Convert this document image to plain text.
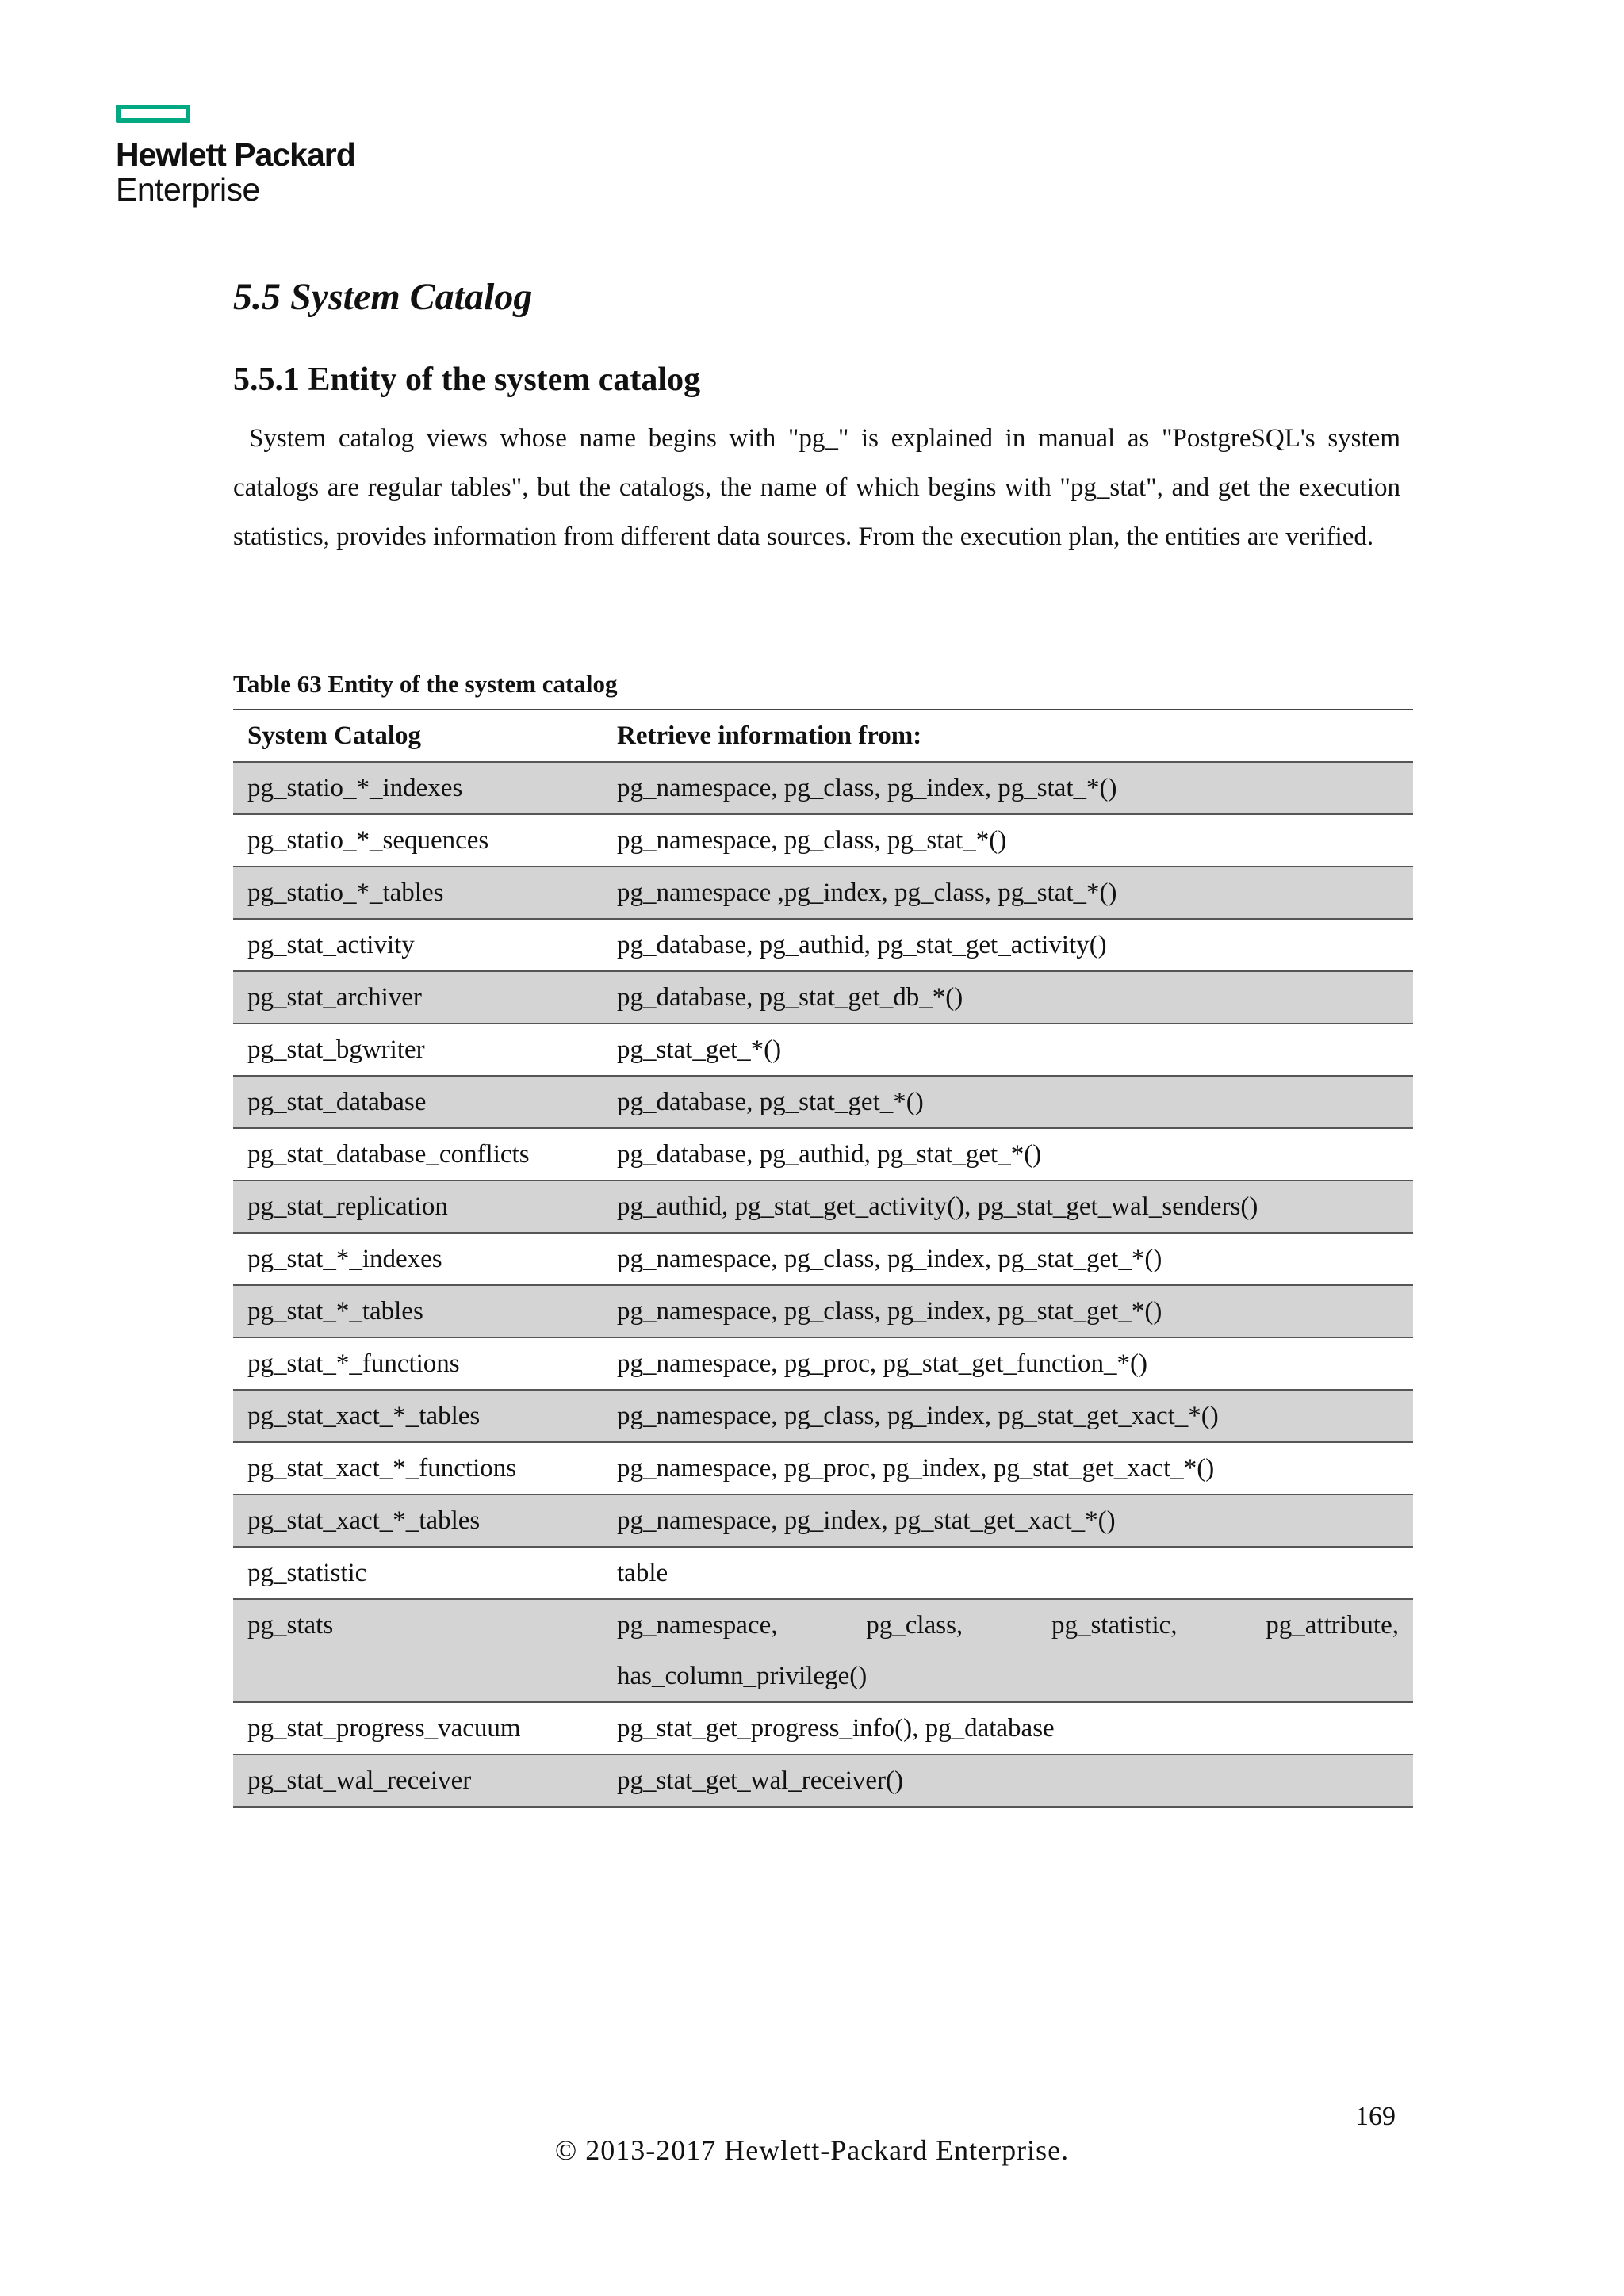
Hewlett Packard
Enterprise
5.5 System Catalog
5.5.1 Entity of the system catalog

System catalog views whose name begins with "pg_" is explained in manual as "PostgreSQL's system catalogs are regular tables", but the catalogs, the name of which begins with "pg_stat", and get the execution statistics, provides information from different data sources. From the execution plan, the entities are verified.

Table 63 Entity of the system catalog

System Catalog	Retrieve information from:
pg_statio_*_indexes	pg_namespace, pg_class, pg_index, pg_stat_*()
pg_statio_*_sequences	pg_namespace, pg_class, pg_stat_*()
pg_statio_*_tables	pg_namespace ,pg_index, pg_class, pg_stat_*()
pg_stat_activity	pg_database, pg_authid, pg_stat_get_activity()
pg_stat_archiver	pg_database, pg_stat_get_db_*()
pg_stat_bgwriter	pg_stat_get_*()
pg_stat_database	pg_database, pg_stat_get_*()
pg_stat_database_conflicts	pg_database, pg_authid, pg_stat_get_*()
pg_stat_replication	pg_authid, pg_stat_get_activity(), pg_stat_get_wal_senders()
pg_stat_*_indexes	pg_namespace, pg_class, pg_index, pg_stat_get_*()
pg_stat_*_tables	pg_namespace, pg_class, pg_index, pg_stat_get_*()
pg_stat_*_functions	pg_namespace, pg_proc, pg_stat_get_function_*()
pg_stat_xact_*_tables	pg_namespace, pg_class, pg_index, pg_stat_get_xact_*()
pg_stat_xact_*_functions	pg_namespace, pg_proc, pg_index, pg_stat_get_xact_*()
pg_stat_xact_*_tables	pg_namespace, pg_index, pg_stat_get_xact_*()
pg_statistic	table
pg_stats	pg_namespace, pg_class, pg_statistic, pg_attribute, has_column_privilege()
pg_stat_progress_vacuum	pg_stat_get_progress_info(), pg_database
pg_stat_wal_receiver	pg_stat_get_wal_receiver()

169

© 2013-2017 Hewlett-Packard Enterprise.
